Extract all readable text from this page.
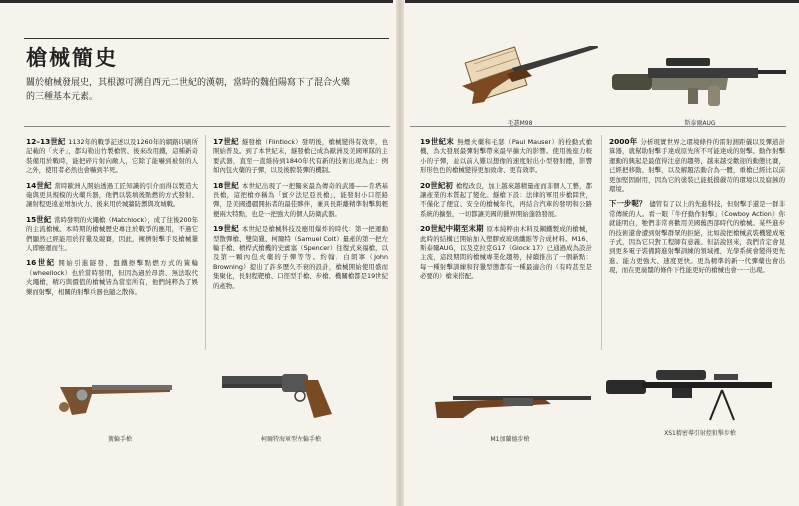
槍械簡史

關於槍械發展史，其根源可溯自西元二世紀的漢朝，當時的魏伯陽寫下了混合火藥的三種基本元素。

12–13世紀 1132年的戰爭記述以及1260年的網路印刷所記載的「火矛」，都勾勒出竹製槍管、後來改用鐵，這種新奇裝備用於戰時，能把碎片射向敵人，它除了能嚇到被射的人之外，使用者必然也會嚇到半死。

14世紀 當時歐洲人開始透過工匠知識的引介而得以製造大砲與更具規模的火藥兵器，他們以裝填後點燃的方式發射、讓射程更遠並增加火力、後來用於城牆防禦與攻城戰。

15世紀 當時發明的火繩槍（Matchlock），成了往後200年的主流槍械。本時期的槍械歷史專注於戰爭的應用，不過它們顯然已經能用於狩獵及競賽，因此，擁擠射擊手及槍械獵人即應運而生。

16世紀 開始引進隧發、盤鐵擦擊點燃方式的簧輪（wheellock）也於當時發明，但因為過於昂貴、無法取代火繩槍，精巧與價值的槍械皆為當室所有，他們純粹為了娛樂而射擊，相關的射擊兵器也隨之散佈。

17世紀 燧發槍（Flintlock）發明後，槍械變得有效率，也開始普及。到了本世紀末，燧發槍已成為歐洲及美國軍隊的主要武器，直至一直維持到1840年代有新的技術出現為止：例如內包火藥的子彈，以及後膛裝彈的機制。

18世紀 本世紀出現了一把獨來最為傳奇的武器——肯塔基長槍，這把槍亦稱為「賓夕法尼亞長槍」，能發射小口徑鉛彈，是美國邊疆開拓者的最佳夥伴，兼具長距離精準射擊與輕便兩大特點，也是一把強大的個人防衛武器。

19世紀 本世紀是槍械科技及應用爆炸的時代：第一把運動型散彈槍、雙筒獵、柯爾特（Samuel Colt）量產的第一把左輪手槍、槓桿式槍機的史賓塞（Spencer）往復式來福槍，以及第一顆內包火藥的子彈等等。約翰．白朗寧（John Browning）提出了許多歷久不衰的設計，槍械開始使用盛而集聚化，長射程靶槍、口徑型手槍、步槍、機關槍都是19世紀的產物。

19世紀末 無煙火藥和毛瑟（Paul Mauser）的栓動式槍機，為大發展最彈射擊帶來最早擴大的影響。使用後座力較小的子彈，並以前人難以想像的速度射出小型發射體，影響形形色色的槍械變得更加致命、更有效率。

20世紀初 槍程改良，加上越來越精量產而非個人工藝，都讓產業的本質起了變化。燧槍下設：法律的軍用步槍問世，不僅化了便宜、安全的槍械年代，再結合汽車的發明和公路系統的擴張，一切都讓美國的獵界開始蓬勃發展。

20世紀中期至末期 原本純粹由木料及鋼鐵製成的槍械，此時的結構已開始加入塑膠或玻璃纖維等合成材料。M16、斯泰爾AUG，以及克拉克G17（Glock 17）已通過成為設計主流，這段期間的槍械專業化趨勢，持續推出了一個新點：每一種射擊訓練和狩獵型態都有一種最適合的（有時甚至是必要的）槍來搭配。

2000年 分析現實世界之環境條件的雷射測距儀以及彈道計算器，就幫助射擊手達成原先所不可能達成的射擊。動作射擊運動的興起是最值得注意的趨勢，越來越受歡迎的動態比賽，已經把移動、射擊，以及解題活動合為一體，重槍已經比以前更加堅固耐用，因為它的塗裝已能抵擋嚴苛的環境以及腐蝕的環境。

下一步呢？ 儘管有了以上的先進科技，但射擊手還是一群非常傳統的人。看一眼「牛仔動作射擊」（Cowboy Action）你就能明白，牠們非常喜歡用美國舊西部時代的槍械。某些進步的技術還會遭到射擊群眾的拒絕，比如說把槍械武裝機變成電子式，因為它只對工程師有意義。但話說回來，我們肯定會見到更多電子裝備跨進射擊訓練的領域裡，光學系統會變得更先進、能力更強大、速度更快。更為精準的新一代彈藥也會出現，而在更廣闊的條件下性能更好的槍械也會一一出現。

毛瑟M98	斯泰爾AUG
簧輪手槍	柯爾特海軍型左輪手槍	M1加蘭德步槍
XS1精密導引射控狙擊步槍
